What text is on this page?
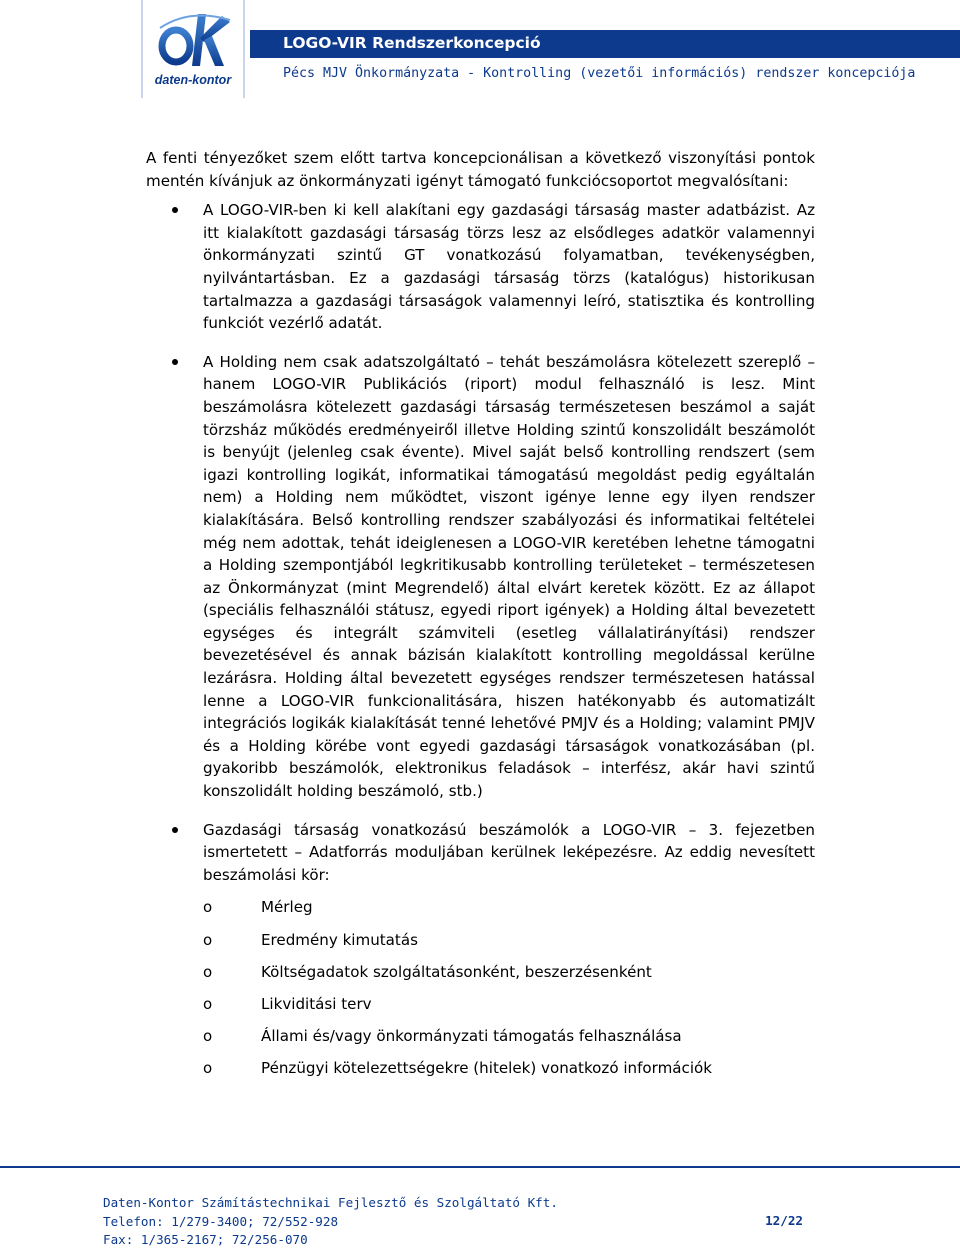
daten-kontor
LOGO-VIR Rendszerkoncepció
Pécs MJV Önkormányzata - Kontrolling (vezetői információs) rendszer koncepciója

A fenti tényezőket szem előtt tartva koncepcionálisan a következő viszonyítási pontok mentén kívánjuk az önkormányzati igényt támogató funkciócsoportot megvalósítani:

A LOGO-VIR-ben ki kell alakítani egy gazdasági társaság master adatbázist. Az itt kialakított gazdasági társaság törzs lesz az elsődleges adatkör valamennyi önkormányzati szintű GT vonatkozású folyamatban, tevékenységben, nyilvántartásban. Ez a gazdasági társaság törzs (katalógus) historikusan tartalmazza a gazdasági társaságok valamennyi leíró, statisztika és kontrolling funkciót vezérlő adatát.
A Holding nem csak adatszolgáltató – tehát beszámolásra kötelezett szereplő – hanem LOGO-VIR Publikációs (riport) modul felhasználó is lesz. Mint beszámolásra kötelezett gazdasági társaság természetesen beszámol a saját törzsház működés eredményeiről illetve Holding szintű konszolidált beszámolót is benyújt (jelenleg csak évente). Mivel saját belső kontrolling rendszert (sem igazi kontrolling logikát, informatikai támogatású megoldást pedig egyáltalán nem) a Holding nem működtet, viszont igénye lenne egy ilyen rendszer kialakítására. Belső kontrolling rendszer szabályozási és informatikai feltételei még nem adottak, tehát ideiglenesen a LOGO-VIR keretében lehetne támogatni a Holding szempontjából legkritikusabb kontrolling területeket – természetesen az Önkormányzat (mint Megrendelő) által elvárt keretek között. Ez az állapot (speciális felhasználói státusz, egyedi riport igények) a Holding által bevezetett egységes és integrált számviteli (esetleg vállalatirányítási) rendszer bevezetésével és annak bázisán kialakított kontrolling megoldással kerülne lezárásra. Holding által bevezetett egységes rendszer természetesen hatással lenne a LOGO-VIR funkcionalitására, hiszen hatékonyabb és automatizált integrációs logikák kialakítását tenné lehetővé PMJV és a Holding; valamint PMJV és a Holding körébe vont egyedi gazdasági társaságok vonatkozásában (pl. gyakoribb beszámolók, elektronikus feladások – interfész, akár havi szintű konszolidált holding beszámoló, stb.)
Gazdasági társaság vonatkozású beszámolók a LOGO-VIR – 3. fejezetben ismertetett – Adatforrás moduljában kerülnek leképezésre. Az eddig nevesített beszámolási kör:
o Mérleg
o Eredmény kimutatás
o Költségadatok szolgáltatásonként, beszerzésenként
o Likviditási terv
o Állami és/vagy önkormányzati támogatás felhasználása
o Pénzügyi kötelezettségekre (hitelek) vonatkozó információk
Daten-Kontor Számítástechnikai Fejlesztő és Szolgáltató Kft.
Telefon: 1/279-3400; 72/552-928
Fax: 1/365-2167; 72/256-070
12/22
